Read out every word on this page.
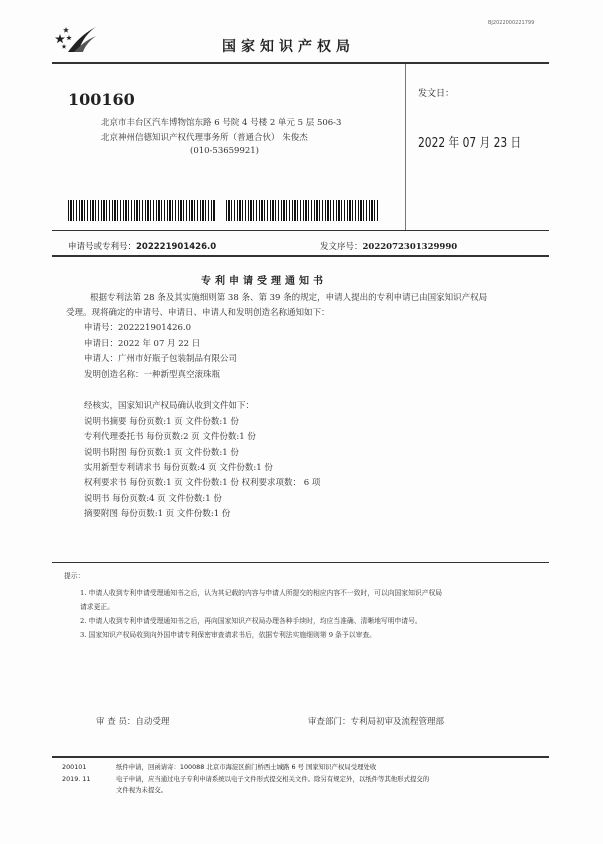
BJ2022000221799
国家知识产权局
100160
北京市丰台区汽车博物馆东路 6 号院 4 号楼 2 单元 5 层 506-3
北京神州信德知识产权代理事务所（普通合伙） 朱俊杰
(010-53659921)
发文日：
2022 年 07 月 23 日
申请号或专利号：202221901426.0	发文序号：2022072301329990
专利申请受理通知书
根据专利法第 28 条及其实施细则第 38 条、第 39 条的规定，申请人提出的专利申请已由国家知识产权局
受理。现将确定的申请号、申请日、申请人和发明创造名称通知如下：
申请号：202221901426.0
申请日：2022 年 07 月 22 日
申请人：广州市好瓶子包装制品有限公司
发明创造名称：一种新型真空滚珠瓶
经核实，国家知识产权局确认收到文件如下：
说明书摘要 每份页数:1 页 文件份数:1 份
专利代理委托书 每份页数:2 页 文件份数:1 份
说明书附图 每份页数:1 页 文件份数:1 份
实用新型专利请求书 每份页数:4 页 文件份数:1 份
权利要求书 每份页数:1 页 文件份数:1 份 权利要求项数： 6 项
说明书 每份页数:4 页 文件份数:1 份
摘要附图 每份页数:1 页 文件份数:1 份
提示：
1. 申请人收到专利申请受理通知书之后，认为其记载的内容与申请人所提交的相应内容不一致时，可以向国家知识产权局
请求更正。
2. 申请人收到专利申请受理通知书之后，再向国家知识产权局办理各种手续时，均应当准确、清晰地写明申请号。
3. 国家知识产权局收到向外国申请专利保密审查请求书后，依据专利法实施细则第 9 条予以审查。
审 查 员：自动受理	审查部门：专利局初审及流程管理部
200101
2019. 11
纸件申请，回函请寄：100088 北京市海淀区蓟门桥西土城路 6 号 国家知识产权局受理处收
电子申请，应当通过电子专利申请系统以电子文件形式提交相关文件。除另有规定外，以纸件等其他形式提交的
文件视为未提交。
